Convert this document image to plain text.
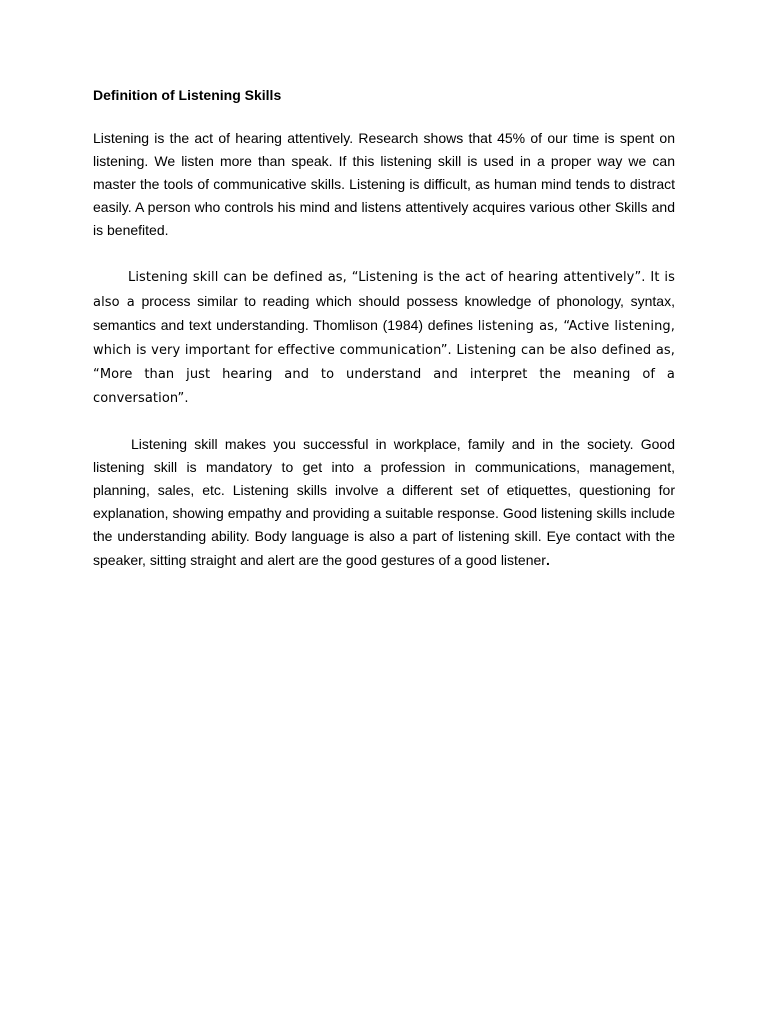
Definition of Listening Skills

Listening is the act of hearing attentively. Research shows that 45% of our time is spent on listening. We listen more than speak. If this listening skill is used in a proper way we can master the tools of communicative skills. Listening is difficult, as human mind tends to distract easily. A person who controls his mind and listens attentively acquires various other Skills and is benefited.

Listening skill can be defined as, “Listening is the act of hearing attentively”. It is also a process similar to reading which should possess knowledge of phonology, syntax, semantics and text understanding. Thomlison (1984) defines listening as, “Active listening, which is very important for effective communication”. Listening can be also defined as, “More than just hearing and to understand and interpret the meaning of a conversation”.

Listening skill makes you successful in workplace, family and in the society. Good listening skill is mandatory to get into a profession in communications, management, planning, sales, etc. Listening skills involve a different set of etiquettes, questioning for explanation, showing empathy and providing a suitable response. Good listening skills include the understanding ability. Body language is also a part of listening skill. Eye contact with the speaker, sitting straight and alert are the good gestures of a good listener.
